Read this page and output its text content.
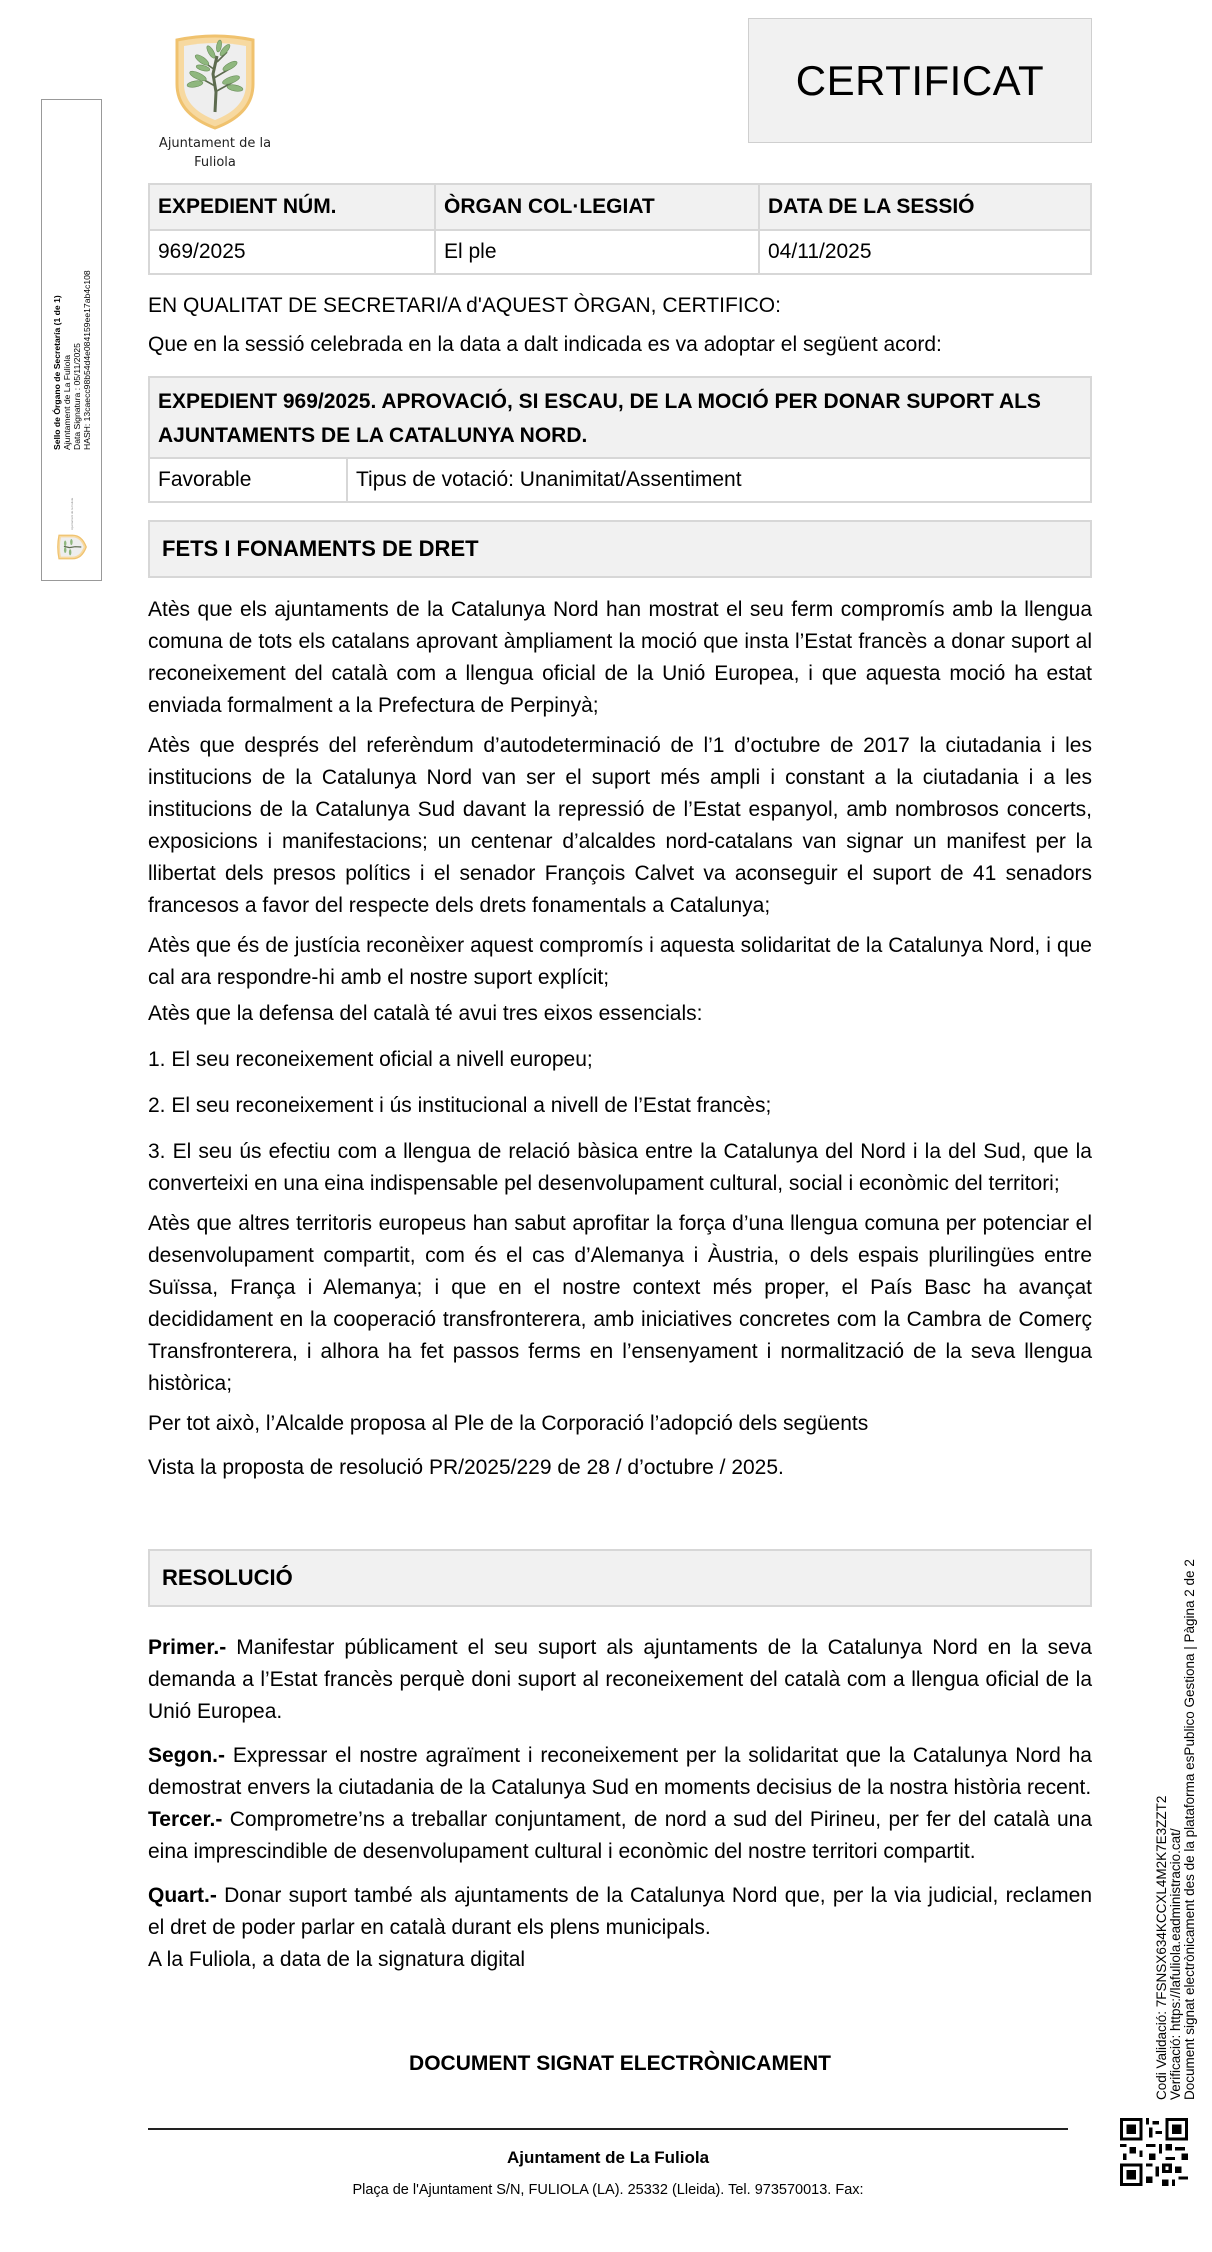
Ajuntament de la
Fuliola
CERTIFICAT
Ajuntament de la Fuliola
Sello de Órgano de Secretaría (1 de 1) Ajuntament de La Fuliola Data Signatura : 05/11/2025 HASH: 13caecc98b54d4e084159ee17ab4c108
EXPEDIENT NÚM.	ÒRGAN COL·LEGIAT	DATA DE LA SESSIÓ
969/2025	El ple	04/11/2025
EN QUALITAT DE SECRETARI/A d'AQUEST ÒRGAN, CERTIFICO:
Que en la sessió celebrada en la data a dalt indicada es va adoptar el següent acord:
EXPEDIENT 969/2025. APROVACIÓ, SI ESCAU, DE LA MOCIÓ PER DONAR SUPORT ALS AJUNTAMENTS DE LA CATALUNYA NORD.
Favorable	Tipus de votació: Unanimitat/Assentiment
FETS I FONAMENTS DE DRET

Atès que els ajuntaments de la Catalunya Nord han mostrat el seu ferm compromís amb la llengua comuna de tots els catalans aprovant àmpliament la moció que insta l’Estat francès a donar suport al reconeixement del català com a llengua oficial de la Unió Europea, i que aquesta moció ha estat enviada formalment a la Prefectura de Perpinyà;

Atès que després del referèndum d’autodeterminació de l’1 d’octubre de 2017 la ciutadania i les institucions de la Catalunya Nord van ser el suport més ampli i constant a la ciutadania i a les institucions de la Catalunya Sud davant la repressió de l’Estat espanyol, amb nombrosos concerts, exposicions i manifestacions; un centenar d’alcaldes nord-catalans van signar un manifest per la llibertat dels presos polítics i el senador François Calvet va aconseguir el suport de 41 senadors francesos a favor del respecte dels drets fonamentals a Catalunya;

Atès que és de justícia reconèixer aquest compromís i aquesta solidaritat de la Catalunya Nord, i que cal ara respondre-hi amb el nostre suport explícit;

Atès que la defensa del català té avui tres eixos essencials:

1. El seu reconeixement oficial a nivell europeu;

2. El seu reconeixement i ús institucional a nivell de l’Estat francès;

3. El seu ús efectiu com a llengua de relació bàsica entre la Catalunya del Nord i la del Sud, que la converteixi en una eina indispensable pel desenvolupament cultural, social i econòmic del territori;

Atès que altres territoris europeus han sabut aprofitar la força d’una llengua comuna per potenciar el desenvolupament compartit, com és el cas d’Alemanya i Àustria, o dels espais plurilingües entre Suïssa, França i Alemanya; i que en el nostre context més proper, el País Basc ha avançat decididament en la cooperació transfronterera, amb iniciatives concretes com la Cambra de Comerç Transfronterera, i alhora ha fet passos ferms en l’ensenyament i normalització de la seva llengua històrica;

Per tot això, l’Alcalde proposa al Ple de la Corporació l’adopció dels següents

Vista la proposta de resolució PR/2025/229 de 28 / d’octubre / 2025.

RESOLUCIÓ

Primer.- Manifestar públicament el seu suport als ajuntaments de la Catalunya Nord en la seva demanda a l’Estat francès perquè doni suport al reconeixement del català com a llengua oficial de la Unió Europea.

Segon.- Expressar el nostre agraïment i reconeixement per la solidaritat que la Catalunya Nord ha demostrat envers la ciutadania de la Catalunya Sud en moments decisius de la nostra història recent.

Tercer.- Comprometre’ns a treballar conjuntament, de nord a sud del Pirineu, per fer del català una eina imprescindible de desenvolupament cultural i econòmic del nostre territori compartit.

Quart.- Donar suport també als ajuntaments de la Catalunya Nord que, per la via judicial, reclamen el dret de poder parlar en català durant els plens municipals.

A la Fuliola, a data de la signatura digital

DOCUMENT SIGNAT ELECTRÒNICAMENT
Ajuntament de La Fuliola
Plaça de l'Ajuntament S/N, FULIOLA (LA). 25332 (Lleida). Tel. 973570013. Fax:
Codi Validació: 7FSNSX634KCCXL4M2K7E3ZZT2 Verificació: https://lafuliola.eadministracio.cat/ Document signat electrònicament des de la plataforma esPublico Gestiona | Pàgina 2 de 2
